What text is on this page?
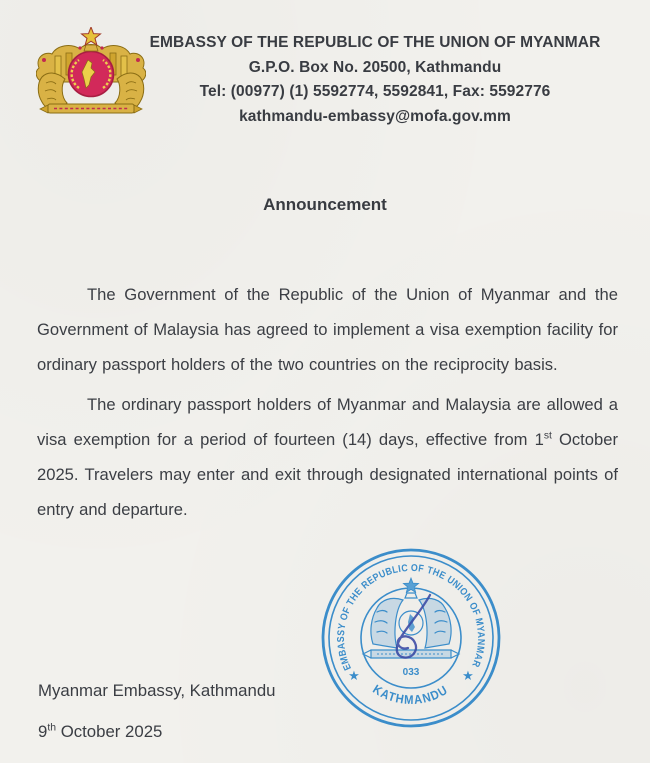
EMBASSY OF THE REPUBLIC OF THE UNION OF MYANMAR
G.P.O. Box No. 20500, Kathmandu
Tel: (00977) (1) 5592774, 5592841, Fax: 5592776
kathmandu-embassy@mofa.gov.mm
Announcement

The Government of the Republic of the Union of Myanmar and the Government of Malaysia has agreed to implement a visa exemption facility for ordinary passport holders of the two countries on the reciprocity basis.

The ordinary passport holders of Myanmar and Malaysia are allowed a visa exemption for a period of fourteen (14) days, effective from 1st October 2025. Travelers may enter and exit through designated international points of entry and departure.

EMBASSY OF THE REPUBLIC OF THE UNION OF MYANMAR
KATHMANDU
★	★
033
Myanmar Embassy, Kathmandu
9th October 2025
